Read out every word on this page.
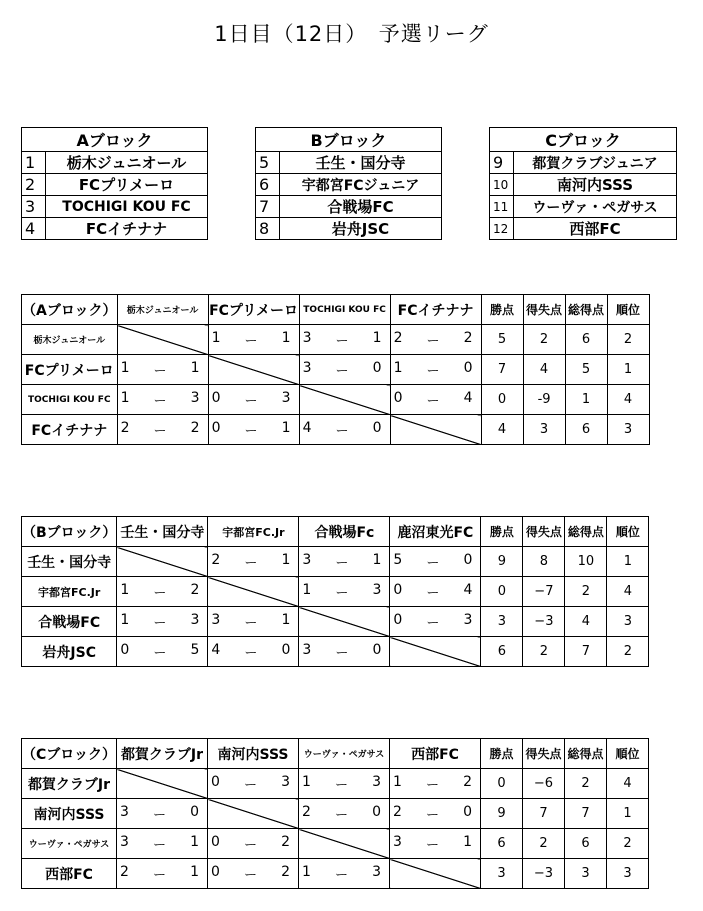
1日目（12日）　予選リーグ
Aブロック	
1	栃木ジュニオール
2	FCプリメーロ
3	TOCHIGI KOU FC
4	FCイチナナ
Bブロック	
5	壬生・国分寺
6	宇都宮FCジュニア
7	合戦場FC
8	岩舟JSC
Cブロック	
9	都賀クラブジュニア
10	南河内SSS
11	ウーヴァ・ペガサス
12	西部FC
（Aブロック）	栃木ジュニオール	FCプリメーロ	TOCHIGI KOU FC	FCイチナナ	勝点	得失点	総得点	順位
栃木ジュニオール		1 ー 1	3 ー 1	2 ー 2	5	2	6	2
FCプリメーロ	1 ー 1		3 ー 0	1 ー 0	7	4	5	1
TOCHIGI KOU FC	1 ー 3	0 ー 3		0 ー 4	0	-9	1	4
FCイチナナ	2 ー 2	0 ー 1	4 ー 0		4	3	6	3
（Bブロック）	壬生・国分寺	宇都宮FC.Jr	合戦場Fc	鹿沼東光FC	勝点	得失点	総得点	順位
壬生・国分寺		2 ー 1	3 ー 1	5 ー 0	9	8	10	1
宇都宮FC.Jr	1 ー 2		1 ー 3	0 ー 4	0	−7	2	4
合戦場FC	1 ー 3	3 ー 1		0 ー 3	3	−3	4	3
岩舟JSC	0 ー 5	4 ー 0	3 ー 0		6	2	7	2
（Cブロック）	都賀クラブJr	南河内SSS	ウーヴァ・ペガサス	西部FC	勝点	得失点	総得点	順位
都賀クラブJr		0 ー 3	1 ー 3	1 ー 2	0	−6	2	4
南河内SSS	3 ー 0		2 ー 0	2 ー 0	9	7	7	1
ウーヴァ・ペガサス	3 ー 1	0 ー 2		3 ー 1	6	2	6	2
西部FC	2 ー 1	0 ー 2	1 ー 3		3	−3	3	3
